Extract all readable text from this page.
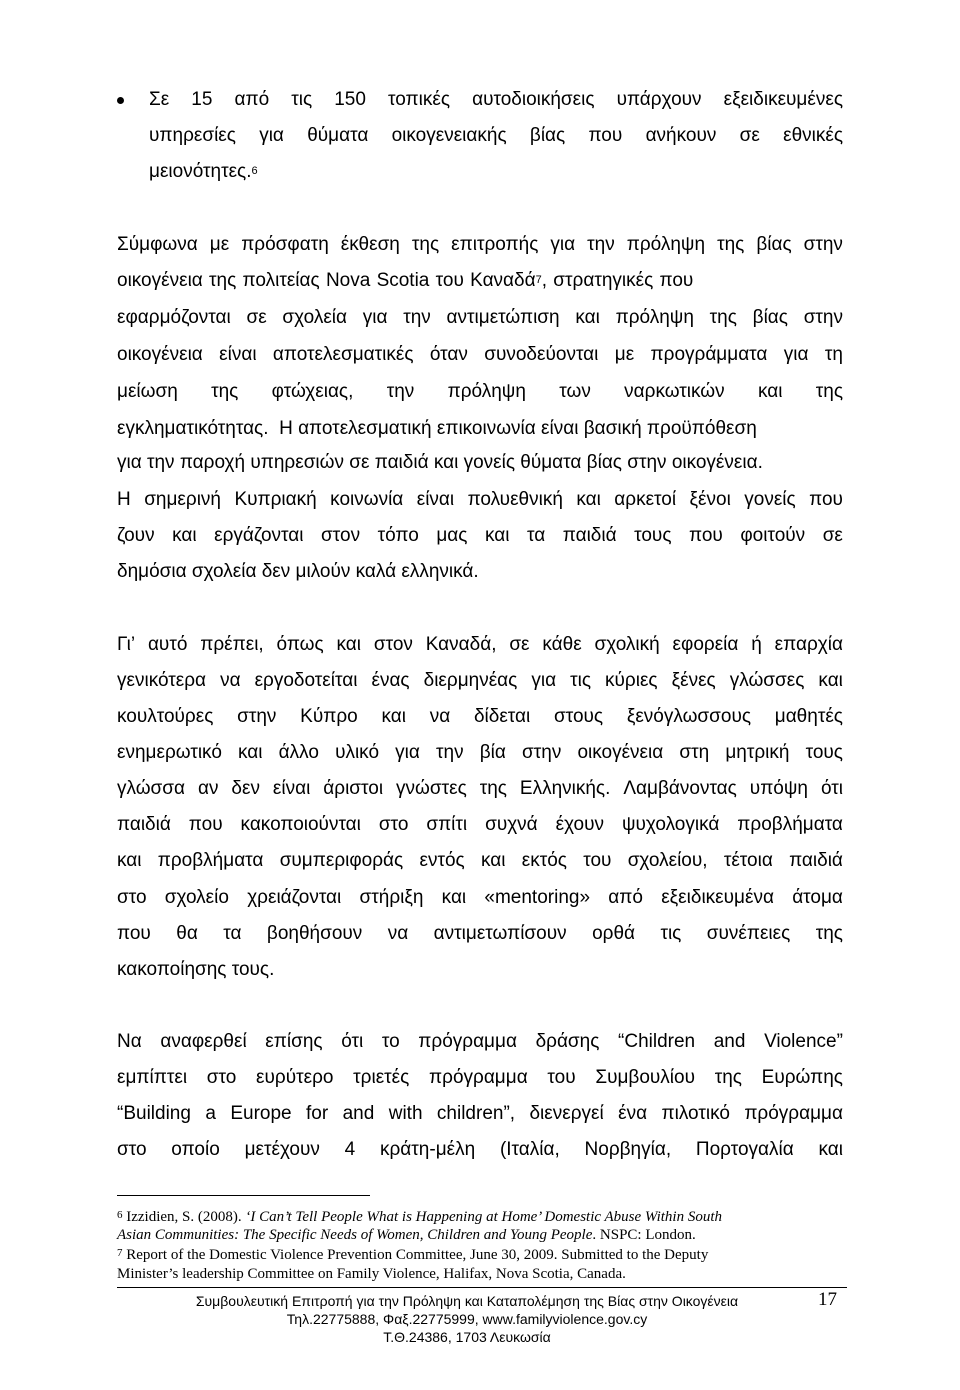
Σε 15 από τις 150 τοπικές αυτοδιοικήσεις υπάρχουν εξειδικευμένες
υπηρεσίες για θύματα οικογενειακής βίας που ανήκουν σε εθνικές
μειονότητες.$^6$
Σύμφωνα με πρόσφατη έκθεση της επιτροπής για την πρόληψη της βίας στην
οικογένεια της πολιτείας Nova Scotia του Καναδά$^7$, στρατηγικές που
εφαρμόζονται σε σχολεία για την αντιμετώπιση και πρόληψη της βίας στην
οικογένεια είναι αποτελεσματικές όταν συνοδεύονται με προγράμματα για τη
μείωση της φτώχειας, την πρόληψη των ναρκωτικών και της
εγκληματικότητας. Η αποτελεσματική επικοινωνία είναι βασική προϋπόθεση
για την παροχή υπηρεσιών σε παιδιά και γονείς θύματα βίας στην οικογένεια.
Η σημερινή Κυπριακή κοινωνία είναι πολυεθνική και αρκετοί ξένοι γονείς που
ζουν και εργάζονται στον τόπο μας και τα παιδιά τους που φοιτούν σε
δημόσια σχολεία δεν μιλούν καλά ελληνικά.
Γι’ αυτό πρέπει, όπως και στον Καναδά, σε κάθε σχολική εφορεία ή επαρχία
γενικότερα να εργοδοτείται ένας διερμηνέας για τις κύριες ξένες γλώσσες και
κουλτούρες στην Κύπρο και να δίδεται στους ξενόγλωσσους μαθητές
ενημερωτικό και άλλο υλικό για την βία στην οικογένεια στη μητρική τους
γλώσσα αν δεν είναι άριστοι γνώστες της Ελληνικής. Λαμβάνοντας υπόψη ότι
παιδιά που κακοποιούνται στο σπίτι συχνά έχουν ψυχολογικά προβλήματα
και προβλήματα συμπεριφοράς εντός και εκτός του σχολείου, τέτοια παιδιά
στο σχολείο χρειάζονται στήριξη και «mentoring» από εξειδικευμένα άτομα
που θα τα βοηθήσουν να αντιμετωπίσουν ορθά τις συνέπειες της
κακοποίησης τους.
Να αναφερθεί επίσης ότι το πρόγραμμα δράσης “Children and Violence”
εμπίπτει στο ευρύτερο τριετές πρόγραμμα του Συμβουλίου της Ευρώπης
“Building a Europe for and with children”, διενεργεί ένα πιλοτικό πρόγραμμα
στο οποίο μετέχουν 4 κράτη-μέλη (Ιταλία, Νορβηγία, Πορτογαλία και
$^6$ Izzidien, S. (2008). ‘I Can’t Tell People What is Happening at Home’ Domestic Abuse Within South
Asian Communities: The Specific Needs of Women, Children and Young People. NSPC: London.
$^7$ Report of the Domestic Violence Prevention Committee, June 30, 2009. Submitted to the Deputy
Minister’s leadership Committee on Family Violence, Halifax, Nova Scotia, Canada.
Συμβουλευτική Επιτροπή για την Πρόληψη και Καταπολέμηση της Βίας στην Οικογένεια
Τηλ.22775888, Φαξ.22775999, www.familyviolence.gov.cy
Τ.Θ.24386, 1703 Λευκωσία
17
